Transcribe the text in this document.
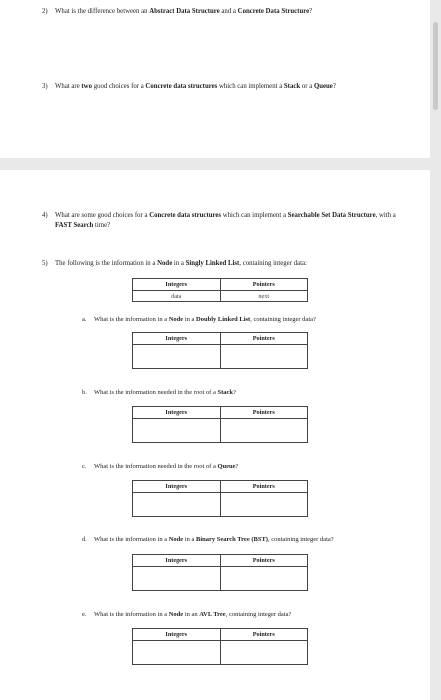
2) What is the difference between an Abstract Data Structure and a Concrete Data Structure?
3) What are two good choices for a Concrete data structures which can implement a Stack or a Queue?
4) What are some good choices for a Concrete data structures which can implement a Searchable Set Data Structure, with a FAST Search time?
5) The following is the information in a Node in a Singly Linked List, containing integer data:
Integers	Pointers
data	next
a. What is the information in a Node in a Doubly Linked List, containing integer data?
Integers	Pointers

b. What is the information needed in the root of a Stack?
Integers	Pointers

c. What is the information needed in the root of a Queue?
Integers	Pointers

d. What is the information in a Node in a Binary Search Tree (BST), containing integer data?
Integers	Pointers

e. What is the information in a Node in an AVL Tree, containing integer data?
Integers	Pointers
